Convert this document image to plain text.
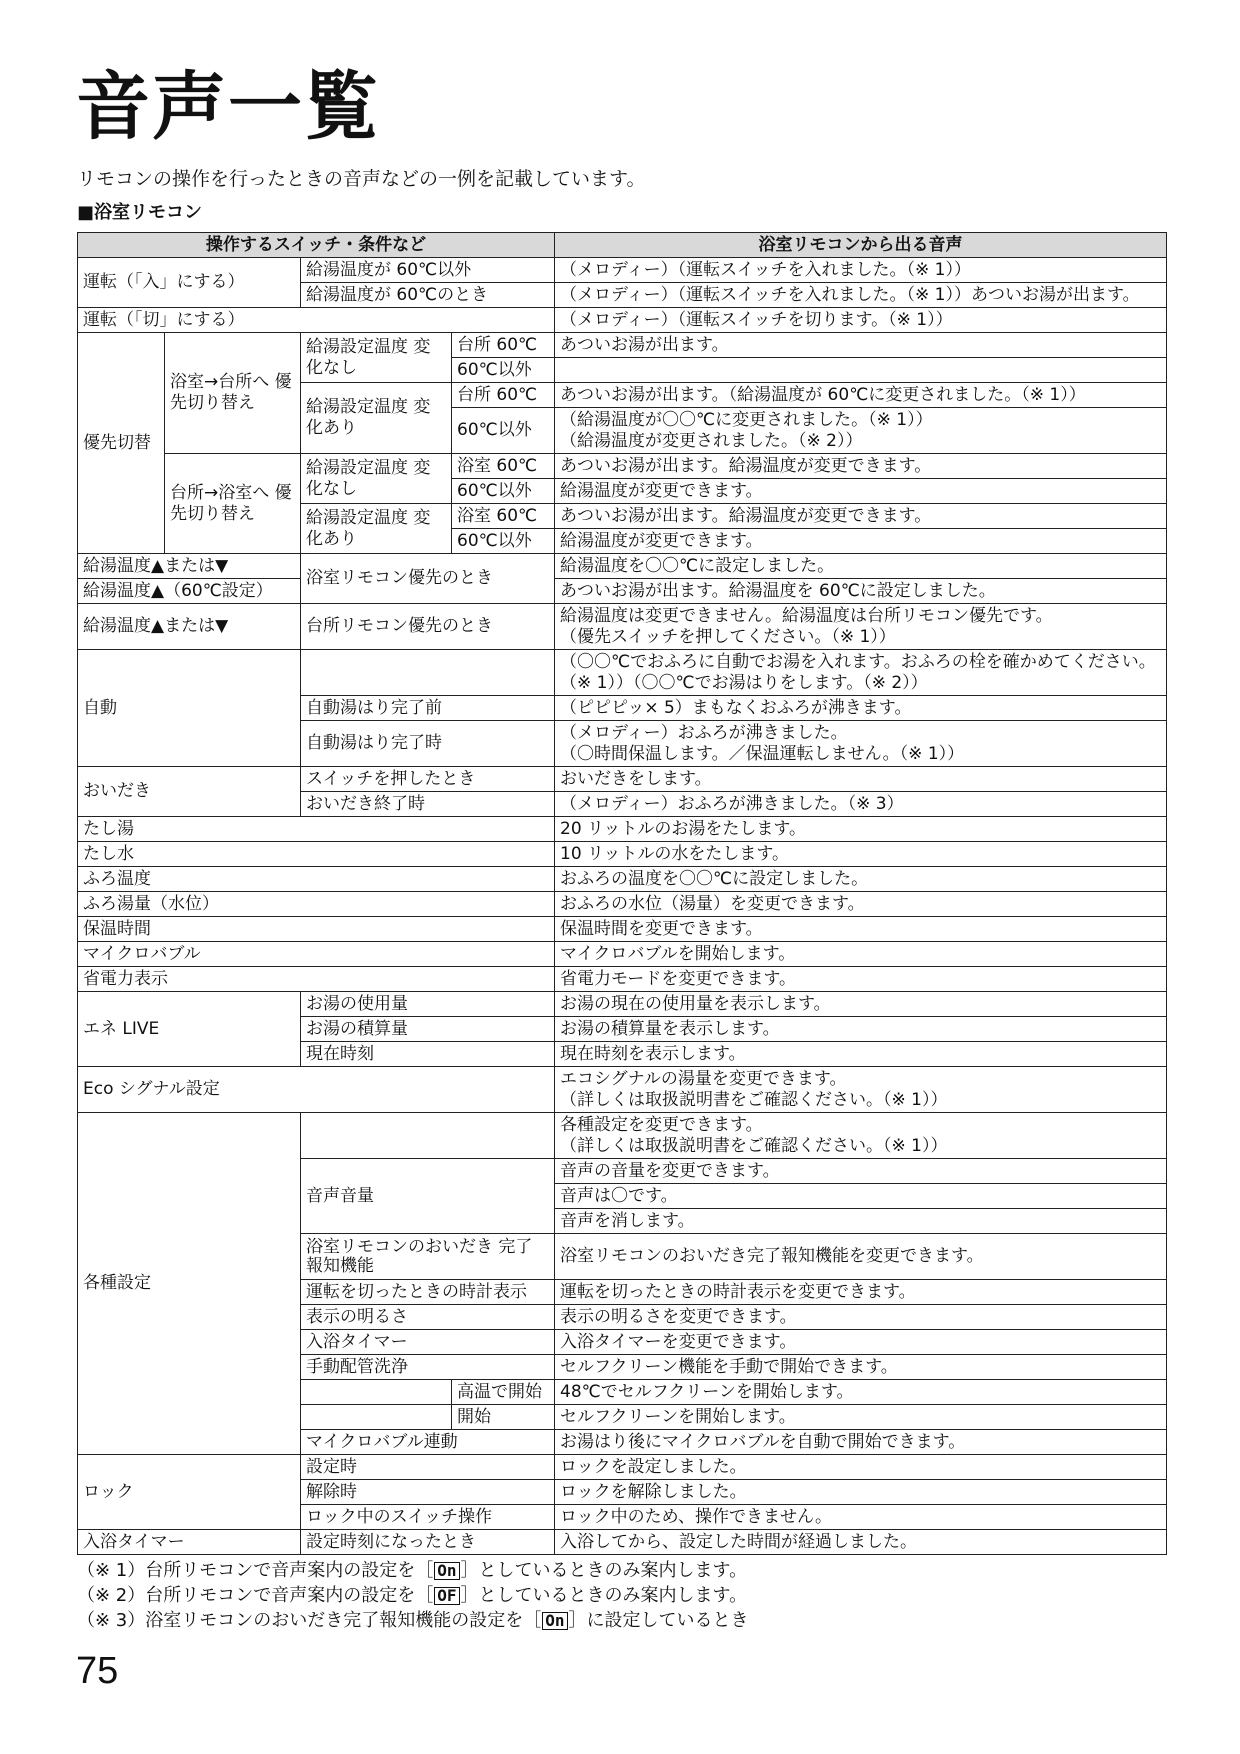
音声一覧

リモコンの操作を行ったときの音声などの一例を記載しています。

■浴室リモコン

操作するスイッチ・条件など				浴室リモコンから出る音声
運転（「入」にする）		給湯温度が 60℃以外		（メロディー）（運転スイッチを入れました。（※ 1））
		給湯温度が 60℃のとき		（メロディー）（運転スイッチを入れました。（※ 1））あついお湯が出ます。
運転（「切」にする）				（メロディー）（運転スイッチを切ります。（※ 1））
優先切替	浴室→台所へ 優先切り替え	給湯設定温度 変化なし	台所 60℃	あついお湯が出ます。
			60℃以外	
		給湯設定温度 変化あり	台所 60℃	あついお湯が出ます。（給湯温度が 60℃に変更されました。（※ 1））
			60℃以外	（給湯温度が〇〇℃に変更されました。（※ 1））
（給湯温度が変更されました。（※ 2））

	台所→浴室へ 優先切り替え	給湯設定温度 変化なし	浴室 60℃	あついお湯が出ます。給湯温度が変更できます。
			60℃以外	給湯温度が変更できます。
		給湯設定温度 変化あり	浴室 60℃	あついお湯が出ます。給湯温度が変更できます。
			60℃以外	給湯温度が変更できます。
給湯温度▲または▼		浴室リモコン優先のとき		給湯温度を〇〇℃に設定しました。
給湯温度▲（60℃設定）				あついお湯が出ます。給湯温度を 60℃に設定しました。
給湯温度▲または▼		台所リモコン優先のとき		給湯温度は変更できません。給湯温度は台所リモコン優先です。
（優先スイッチを押してください。（※ 1））

自動				（〇〇℃でおふろに自動でお湯を入れます。おふろの栓を確かめてください。
（※ 1））（〇〇℃でお湯はりをします。（※ 2））

		自動湯はり完了前		（ピピピッ× 5）まもなくおふろが沸きます。
		自動湯はり完了時		（メロディー）おふろが沸きました。
（〇時間保温します。／保温運転しません。（※ 1））

おいだき		スイッチを押したとき		おいだきをします。
		おいだき終了時		（メロディー）おふろが沸きました。（※ 3）
たし湯				20 リットルのお湯をたします。
たし水				10 リットルの水をたします。
ふろ温度				おふろの温度を〇〇℃に設定しました。
ふろ湯量（水位）				おふろの水位（湯量）を変更できます。
保温時間				保温時間を変更できます。
マイクロバブル				マイクロバブルを開始します。
省電力表示				省電力モードを変更できます。
エネ LIVE		お湯の使用量		お湯の現在の使用量を表示します。
		お湯の積算量		お湯の積算量を表示します。
		現在時刻		現在時刻を表示します。
Eco シグナル設定				エコシグナルの湯量を変更できます。
（詳しくは取扱説明書をご確認ください。（※ 1））

各種設定				各種設定を変更できます。
（詳しくは取扱説明書をご確認ください。（※ 1））

		音声音量		音声の音量を変更できます。
				音声は〇です。
				音声を消します。
		浴室リモコンのおいだき 完了報知機能		浴室リモコンのおいだき完了報知機能を変更できます。
		運転を切ったときの時計表示		運転を切ったときの時計表示を変更できます。
		表示の明るさ		表示の明るさを変更できます。
		入浴タイマー		入浴タイマーを変更できます。
		手動配管洗浄		セルフクリーン機能を手動で開始できます。
			高温で開始	48℃でセルフクリーンを開始します。
			開始	セルフクリーンを開始します。
		マイクロバブル連動		お湯はり後にマイクロバブルを自動で開始できます。
ロック		設定時		ロックを設定しました。
		解除時		ロックを解除しました。
		ロック中のスイッチ操作		ロック中のため、操作できません。
入浴タイマー		設定時刻になったとき		入浴してから、設定した時間が経過しました。
（※ 1）台所リモコンで音声案内の設定を［ On ］としているときのみ案内します。
（※ 2）台所リモコンで音声案内の設定を［ OF ］としているときのみ案内します。
（※ 3）浴室リモコンのおいだき完了報知機能の設定を［ On ］に設定しているとき

75
